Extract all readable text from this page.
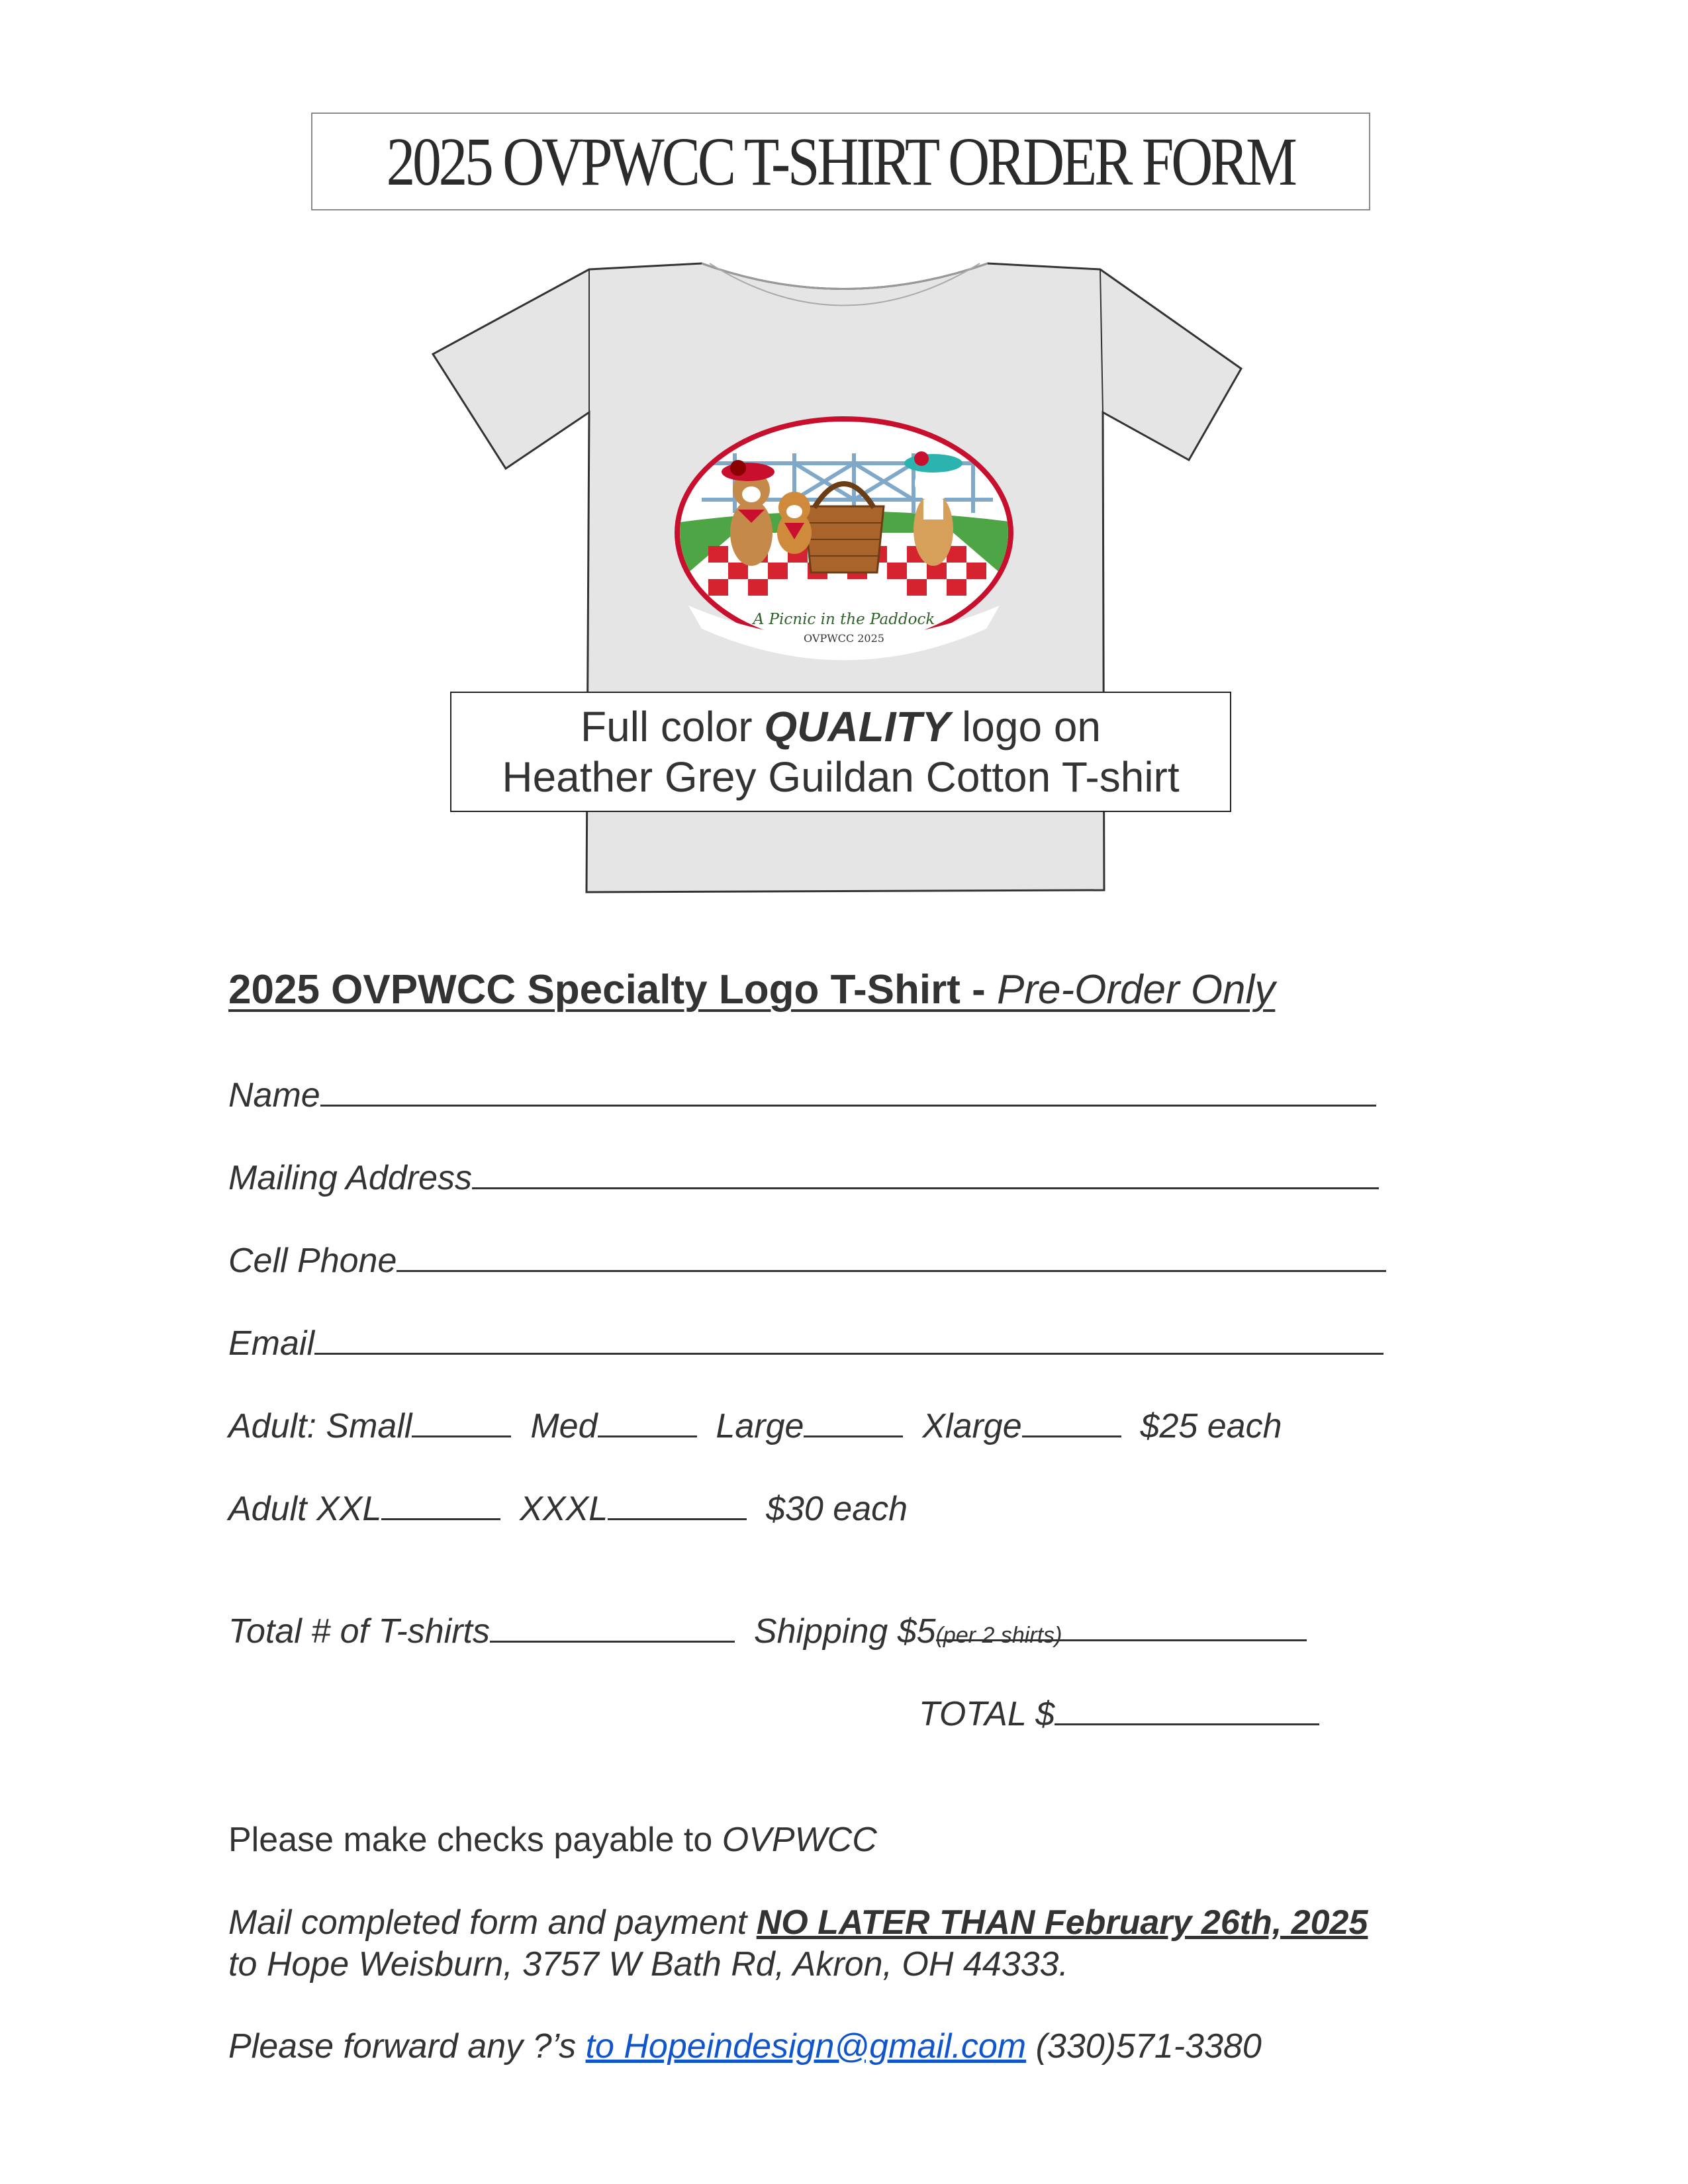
2025 OVPWCC T-SHIRT ORDER FORM
A Picnic in the Paddock
OVPWCC 2025
Full color QUALITY logo on
Heather Grey Guildan Cotton T-shirt
2025 OVPWCC Specialty Logo T-Shirt - Pre-Order Only
Name
Mailing Address
Cell Phone
Email
Adult: Small	Med	Large	Xlarge	$25 each
Adult XXL	XXXL	$30 each
Total # of T-shirts	Shipping $5(per 2 shirts)
TOTAL $
Please make checks payable to OVPWCC
Mail completed form and payment NO LATER THAN February 26th, 2025
to Hope Weisburn, 3757 W Bath Rd, Akron, OH 44333.
Please forward any ?’s to Hopeindesign@gmail.com (330)571-3380
